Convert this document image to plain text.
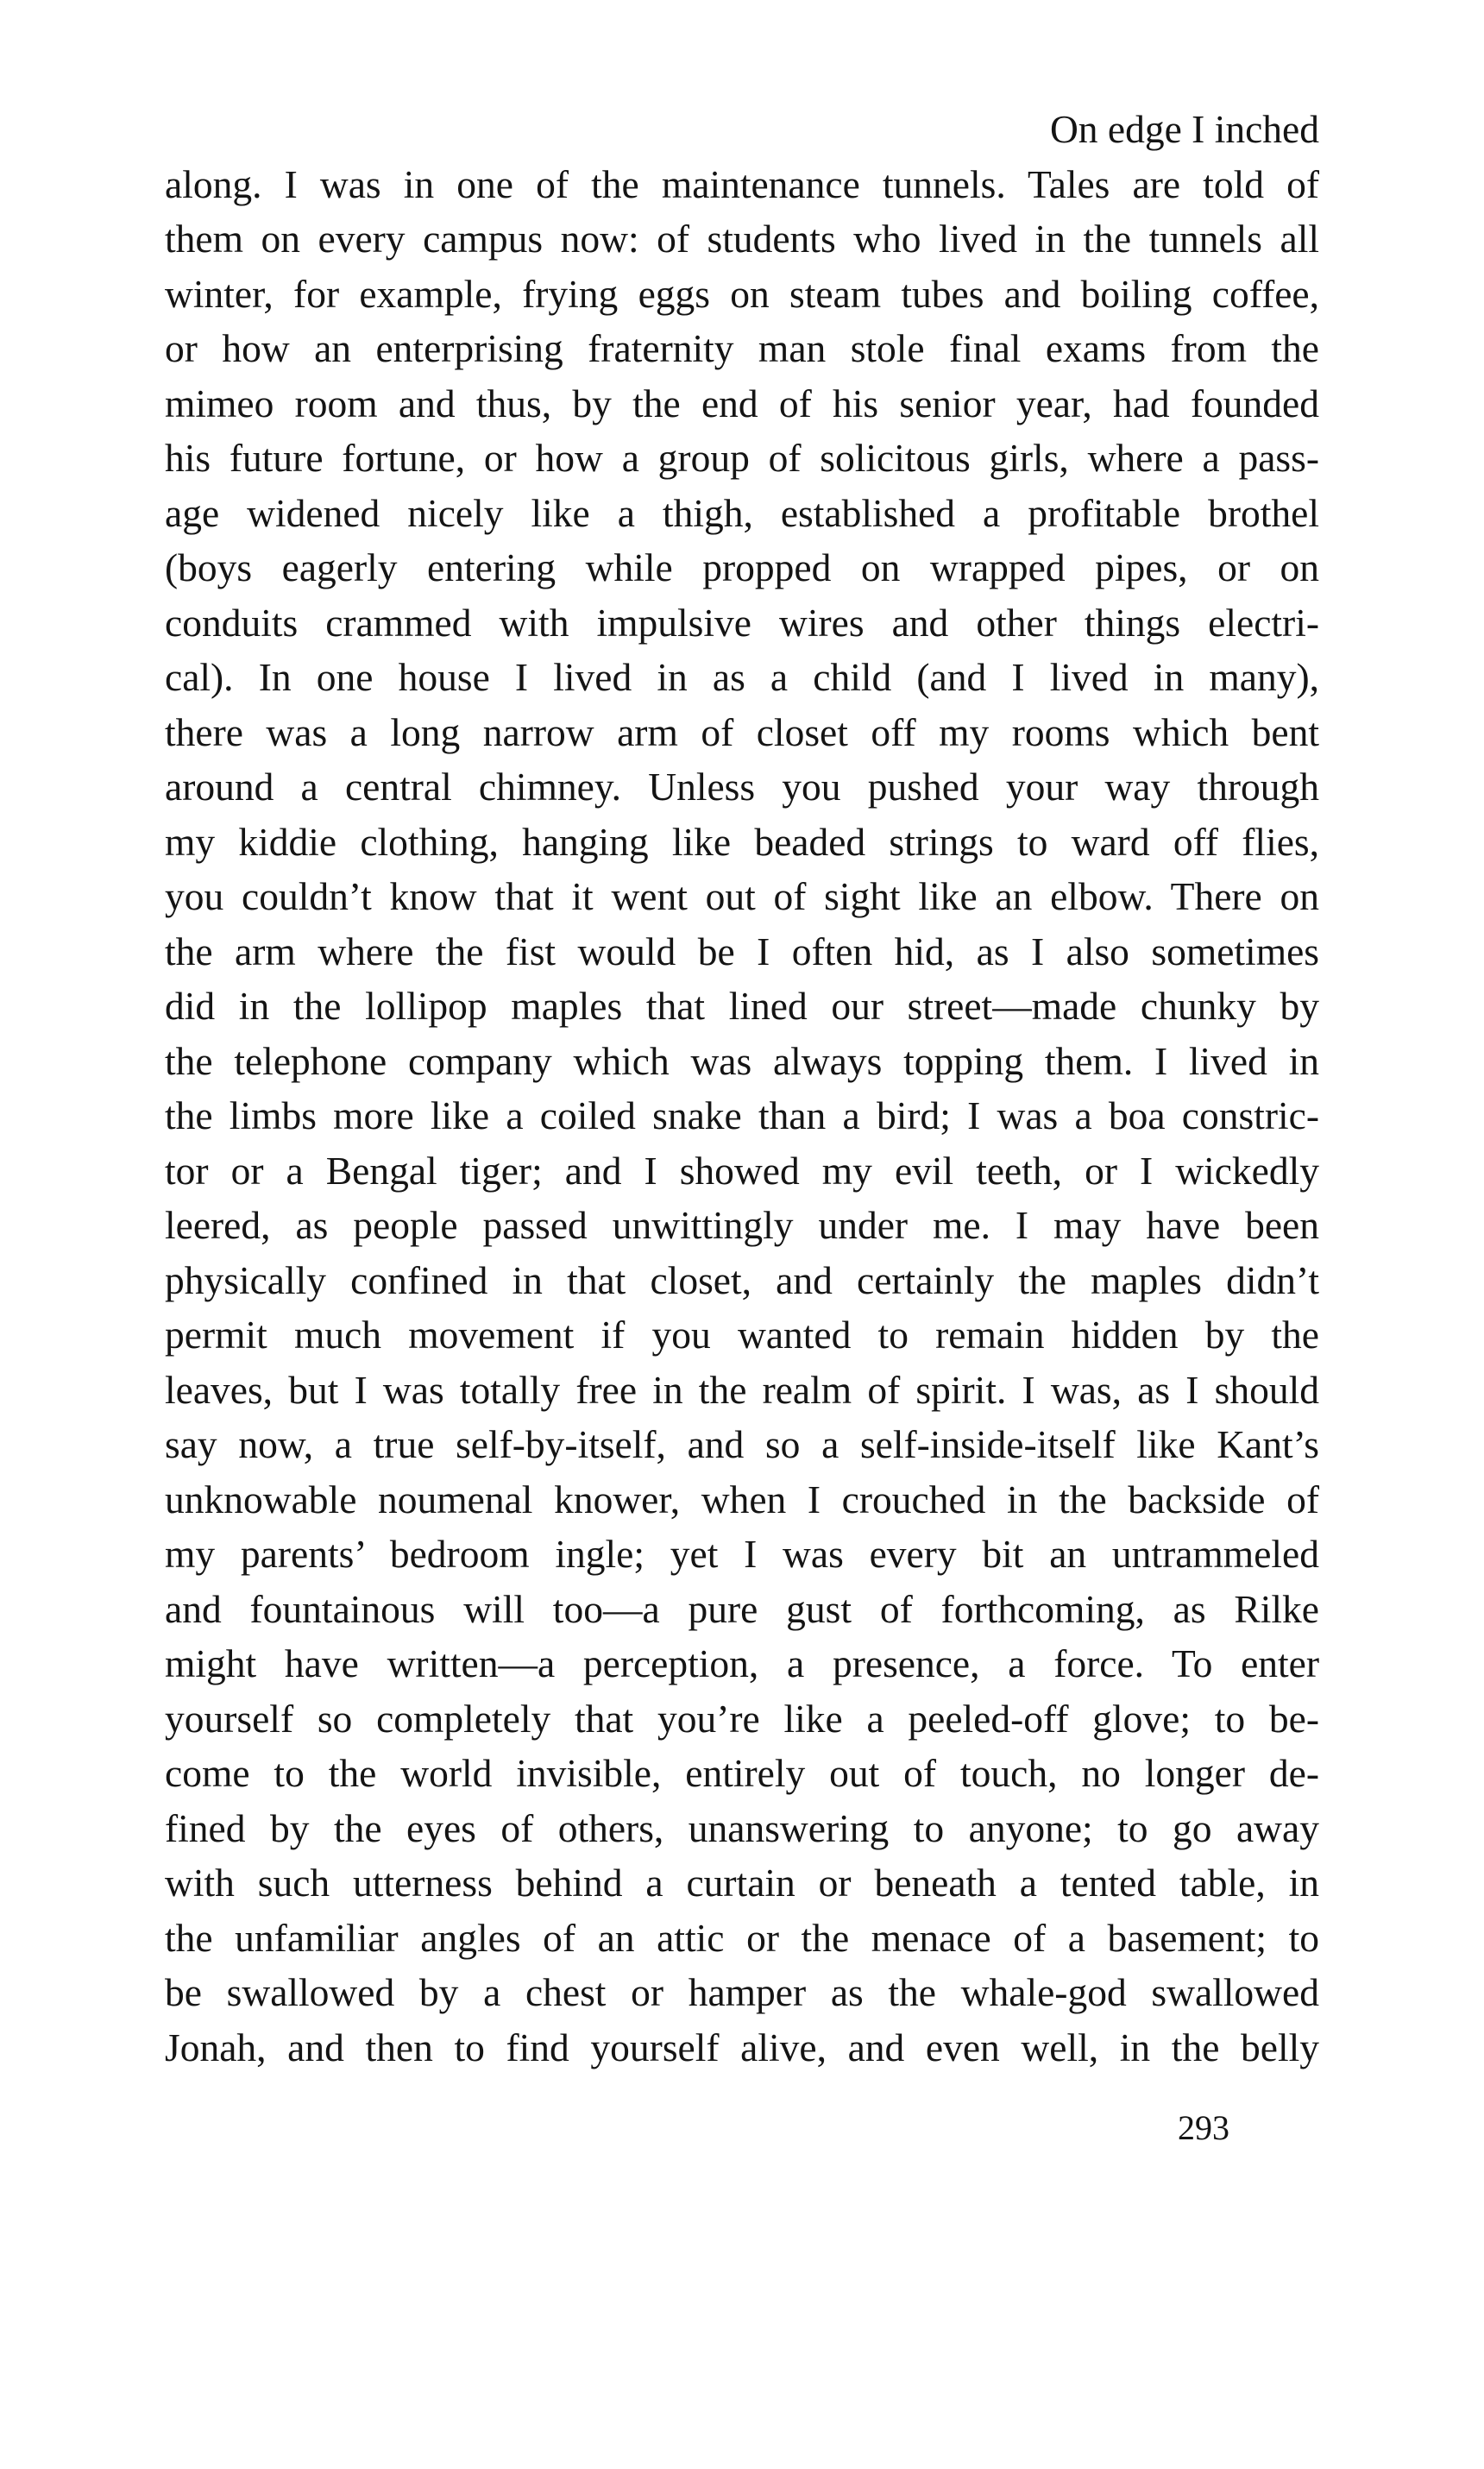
On edge I inched
along. I was in one of the maintenance tunnels. Tales are told of
them on every campus now: of students who lived in the tunnels all
winter, for example, frying eggs on steam tubes and boiling coffee,
or how an enterprising fraternity man stole final exams from the
mimeo room and thus, by the end of his senior year, had founded
his future fortune, or how a group of solicitous girls, where a pass-
age widened nicely like a thigh, established a profitable brothel
(boys eagerly entering while propped on wrapped pipes, or on
conduits crammed with impulsive wires and other things electri-
cal). In one house I lived in as a child (and I lived in many),
there was a long narrow arm of closet off my rooms which bent
around a central chimney. Unless you pushed your way through
my kiddie clothing, hanging like beaded strings to ward off flies,
you couldn’t know that it went out of sight like an elbow. There on
the arm where the fist would be I often hid, as I also sometimes
did in the lollipop maples that lined our street—made chunky by
the telephone company which was always topping them. I lived in
the limbs more like a coiled snake than a bird; I was a boa constric-
tor or a Bengal tiger; and I showed my evil teeth, or I wickedly
leered, as people passed unwittingly under me. I may have been
physically confined in that closet, and certainly the maples didn’t
permit much movement if you wanted to remain hidden by the
leaves, but I was totally free in the realm of spirit. I was, as I should
say now, a true self-by-itself, and so a self-inside-itself like Kant’s
unknowable noumenal knower, when I crouched in the backside of
my parents’ bedroom ingle; yet I was every bit an untrammeled
and fountainous will too—a pure gust of forthcoming, as Rilke
might have written—a perception, a presence, a force. To enter
yourself so completely that you’re like a peeled-off glove; to be-
come to the world invisible, entirely out of touch, no longer de-
fined by the eyes of others, unanswering to anyone; to go away
with such utterness behind a curtain or beneath a tented table, in
the unfamiliar angles of an attic or the menace of a basement; to
be swallowed by a chest or hamper as the whale-god swallowed
Jonah, and then to find yourself alive, and even well, in the belly
293
